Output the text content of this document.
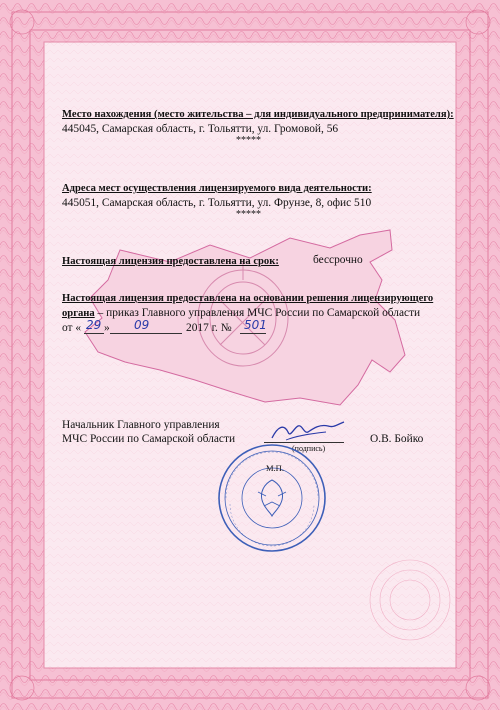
Место нахождения (место жительства – для индивидуального предпринимателя):
445045, Самарская область, г. Тольятти, ул. Громовой, 56
*****
Адреса мест осуществления лицензируемого вида деятельности:
445051, Самарская область, г. Тольятти, ул. Фрунзе, 8, офис 510
*****
Настоящая лицензия предоставлена на срок:	бессрочно
Настоящая лицензия предоставлена на основании решения лицензирующего
органа – приказ Главного управления МЧС России по Самарской области
от « 29 » 09	2017 г. № 501
Начальник Главного управления
МЧС России по Самарской области
(подпись)
О.В. Бойко
М.П.
